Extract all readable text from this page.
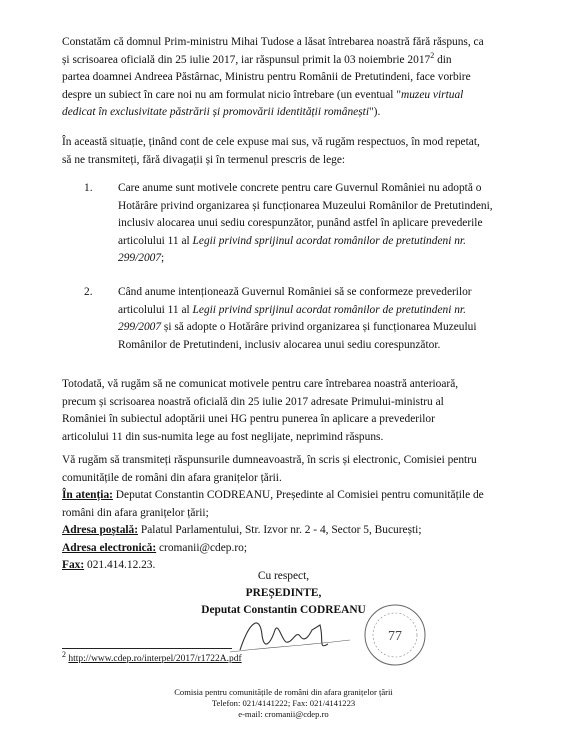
Constatăm că domnul Prim-ministru Mihai Tudose a lăsat întrebarea noastră fără răspuns, ca
și scrisoarea oficială din 25 iulie 2017, iar răspunsul primit la 03 noiembrie 2017$^2$ din
partea doamnei Andreea Păstârnac, Ministru pentru Românii de Pretutindeni, face vorbire
despre un subiect în care noi nu am formulat nicio întrebare (un eventual "muzeu virtual
dedicat în exclusivitate păstrării și promovării identității românești").
În această situație, ținând cont de cele expuse mai sus, vă rugăm respectuos, în mod repetat,
să ne transmiteți, fără divagații și în termenul prescris de lege:
1. Care anume sunt motivele concrete pentru care Guvernul României nu adoptă o
Hotărâre privind organizarea și funcționarea Muzeului Românilor de Pretutindeni,
inclusiv alocarea unui sediu corespunzător, punând astfel în aplicare prevederile
articolului 11 al Legii privind sprijinul acordat românilor de pretutindeni nr.
299/2007;
2. Când anume intenționează Guvernul României să se conformeze prevederilor
articolului 11 al Legii privind sprijinul acordat românilor de pretutindeni nr.
299/2007 și să adopte o Hotărâre privind organizarea și funcționarea Muzeului
Românilor de Pretutindeni, inclusiv alocarea unui sediu corespunzător.
Totodată, vă rugăm să ne comunicat motivele pentru care întrebarea noastră anterioară,
precum și scrisoarea noastră oficială din 25 iulie 2017 adresate Primului-ministru al
României în subiectul adoptării unei HG pentru punerea în aplicare a prevederilor
articolului 11 din sus-numita lege au fost neglijate, neprimind răspuns.
Vă rugăm să transmiteți răspunsurile dumneavoastră, în scris și electronic, Comisiei pentru
comunitățile de români din afara granițelor țării.
În atenția: Deputat Constantin CODREANU, Președinte al Comisiei pentru comunitățile de
români din afara granițelor țării;
Adresa poștală: Palatul Parlamentului, Str. Izvor nr. 2 - 4, Sector 5, București;
Adresa electronică: cromanii@cdep.ro;
Fax: 021.414.12.23.
Cu respect,
PREȘEDINTE,
Deputat Constantin CODREANU
77
$^2$ http://www.cdep.ro/interpel/2017/r1722A.pdf
Comisia pentru comunitățile de români din afara granițelor țării
Telefon: 021/4141222; Fax: 021/4141223
e-mail: cromanii@cdep.ro
